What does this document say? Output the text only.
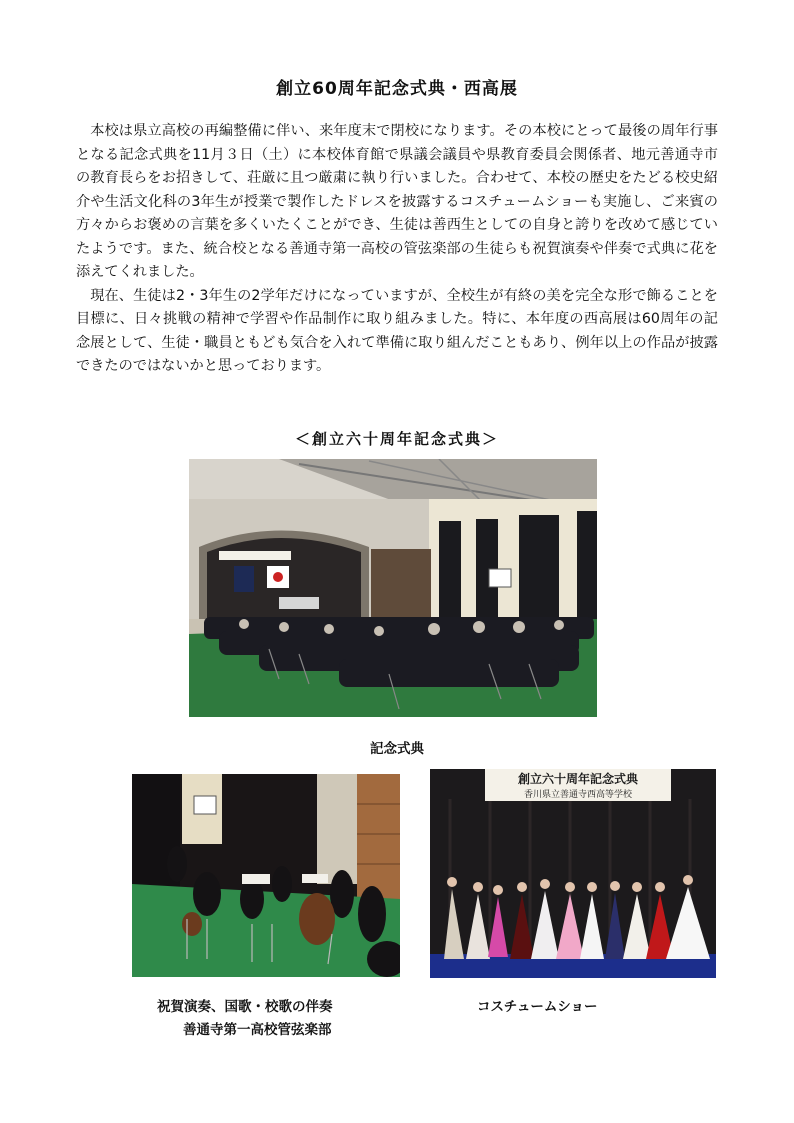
創立60周年記念式典・西高展

本校は県立高校の再編整備に伴い、来年度末で閉校になります。その本校にとって最後の周年行事となる記念式典を11月３日（土）に本校体育館で県議会議員や県教育委員会関係者、地元善通寺市の教育長らをお招きして、荘厳に且つ厳粛に執り行いました。合わせて、本校の歴史をたどる校史紹介や生活文化科の3年生が授業で製作したドレスを披露するコスチュームショーも実施し、ご来賓の方々からお褒めの言葉を多くいたくことができ、生徒は善西生としての自身と誇りを改めて感じていたようです。また、統合校となる善通寺第一高校の管弦楽部の生徒らも祝賀演奏や伴奏で式典に花を添えてくれました。

現在、生徒は2・3年生の2学年だけになっていますが、全校生が有終の美を完全な形で飾ることを目標に、日々挑戦の精神で学習や作品制作に取り組みました。特に、本年度の西高展は60周年の記念展として、生徒・職員ともども気合を入れて準備に取り組んだこともあり、例年以上の作品が披露できたのではないかと思っております。

＜創立六十周年記念式典＞
記念式典
創立六十周年記念式典
香川県立善通寺西高等学校
祝賀演奏、国歌・校歌の伴奏
善通寺第一高校管弦楽部
コスチュームショー
